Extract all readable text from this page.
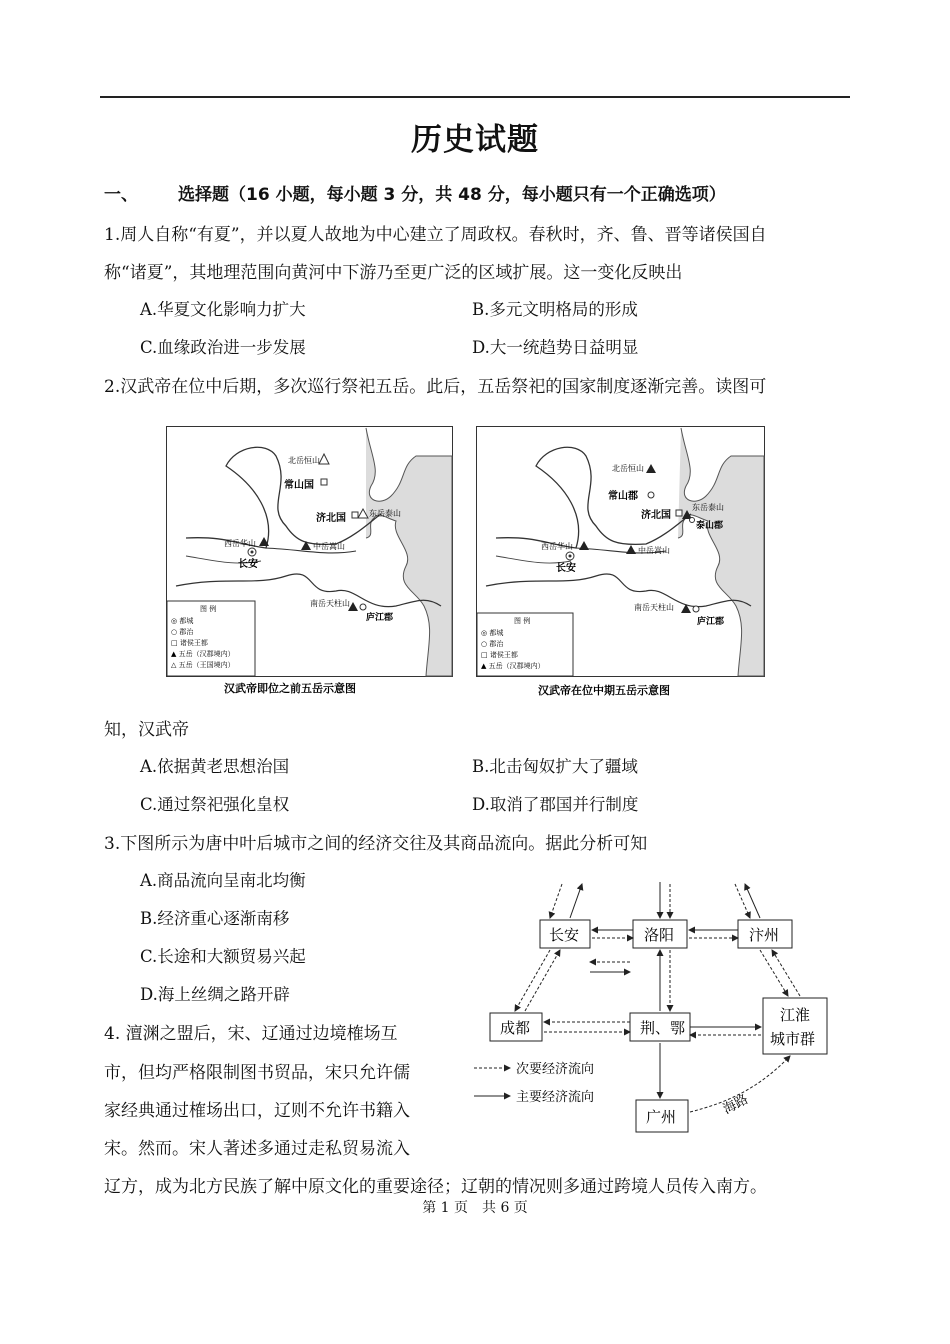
历史试题
一、 选择题（16 小题，每小题 3 分，共 48 分，每小题只有一个正确选项）
1.周人自称“有夏”，并以夏人故地为中心建立了周政权。春秋时，齐、鲁、晋等诸侯国自
称“诸夏”，其地理范围向黄河中下游乃至更广泛的区域扩展。这一变化反映出
A.华夏文化影响力扩大	B.多元文明格局的形成
C.血缘政治进一步发展	D.大一统趋势日益明显
2.汉武帝在位中后期，多次巡行祭祀五岳。此后，五岳祭祀的国家制度逐渐完善。读图可
北岳恒山
常山国
济北国	东岳泰山
西岳华山
长安
中岳嵩山
南岳天柱山
庐江郡
图 例
◎ 都城
○ 郡治
□ 诸侯王都
▲ 五岳（汉郡境内）
△ 五岳（王国境内）
汉武帝即位之前五岳示意图
北岳恒山
常山郡
济北国
东岳泰山
泰山郡
西岳华山
长安
中岳嵩山
南岳天柱山
庐江郡
图 例
◎ 都城
○ 郡治
□ 诸侯王都
▲ 五岳（汉郡境内）
汉武帝在位中期五岳示意图
知，汉武帝
A.依据黄老思想治国	B.北击匈奴扩大了疆域
C.通过祭祀强化皇权	D.取消了郡国并行制度
3.下图所示为唐中叶后城市之间的经济交往及其商品流向。据此分析可知
A.商品流向呈南北均衡
B.经济重心逐渐南移
C.长途和大额贸易兴起
D.海上丝绸之路开辟
长安	洛阳	汴州
成都	荆、鄂
江淮
城市群
广州	海路
次要经济流向
主要经济流向
4. 澶渊之盟后，宋、辽通过边境榷场互
市，但均严格限制图书贸品，宋只允许儒
家经典通过榷场出口，辽则不允许书籍入
宋。然而。宋人著述多通过走私贸易流入
辽方，成为北方民族了解中原文化的重要途径；辽朝的情况则多通过跨境人员传入南方。
第 1 页　共 6 页
